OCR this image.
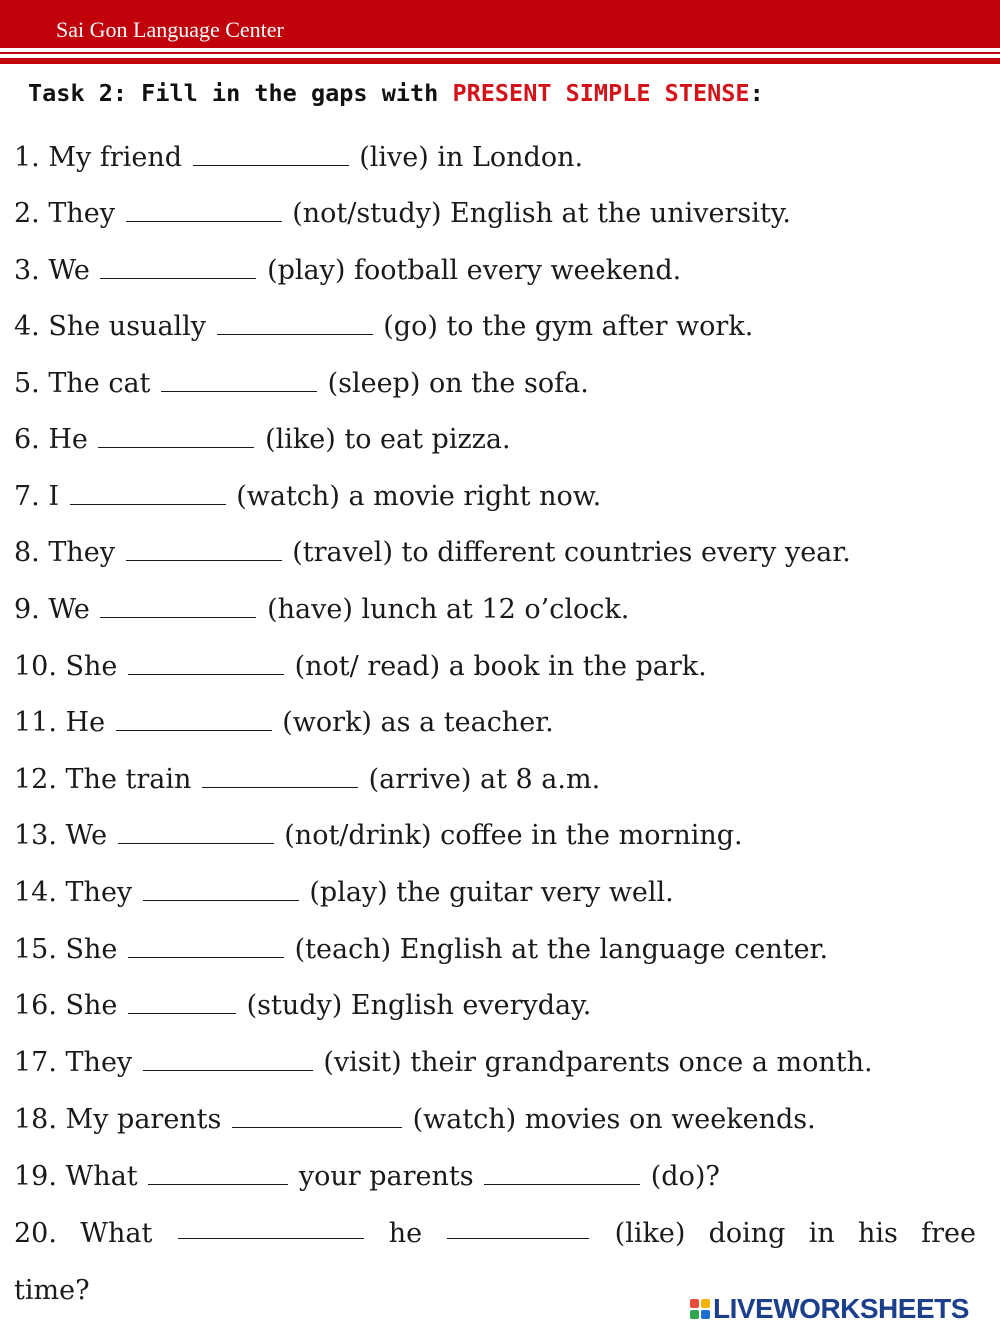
Sai Gon Language Center
Task 2: Fill in the gaps with PRESENT SIMPLE STENSE:
1. My friend	(live) in London.
2. They	(not/study) English at the university.
3. We	(play) football every weekend.
4. She usually	(go) to the gym after work.
5. The cat	(sleep) on the sofa.
6. He	(like) to eat pizza.
7. I	(watch) a movie right now.
8. They	(travel) to different countries every year.
9. We	(have) lunch at 12 o’clock.
10. She	(not/ read) a book in the park.
11. He	(work) as a teacher.
12. The train	(arrive) at 8 a.m.
13. We	(not/drink) coffee in the morning.
14. They	(play) the guitar very well.
15. She	(teach) English at the language center.
16. She	(study) English everyday.
17. They	(visit) their grandparents once a month.
18. My parents	(watch) movies on weekends.
19. What	your parents	(do)?
20. What	he	(like) doing in his free
time?
LIVEWORKSHEETS
